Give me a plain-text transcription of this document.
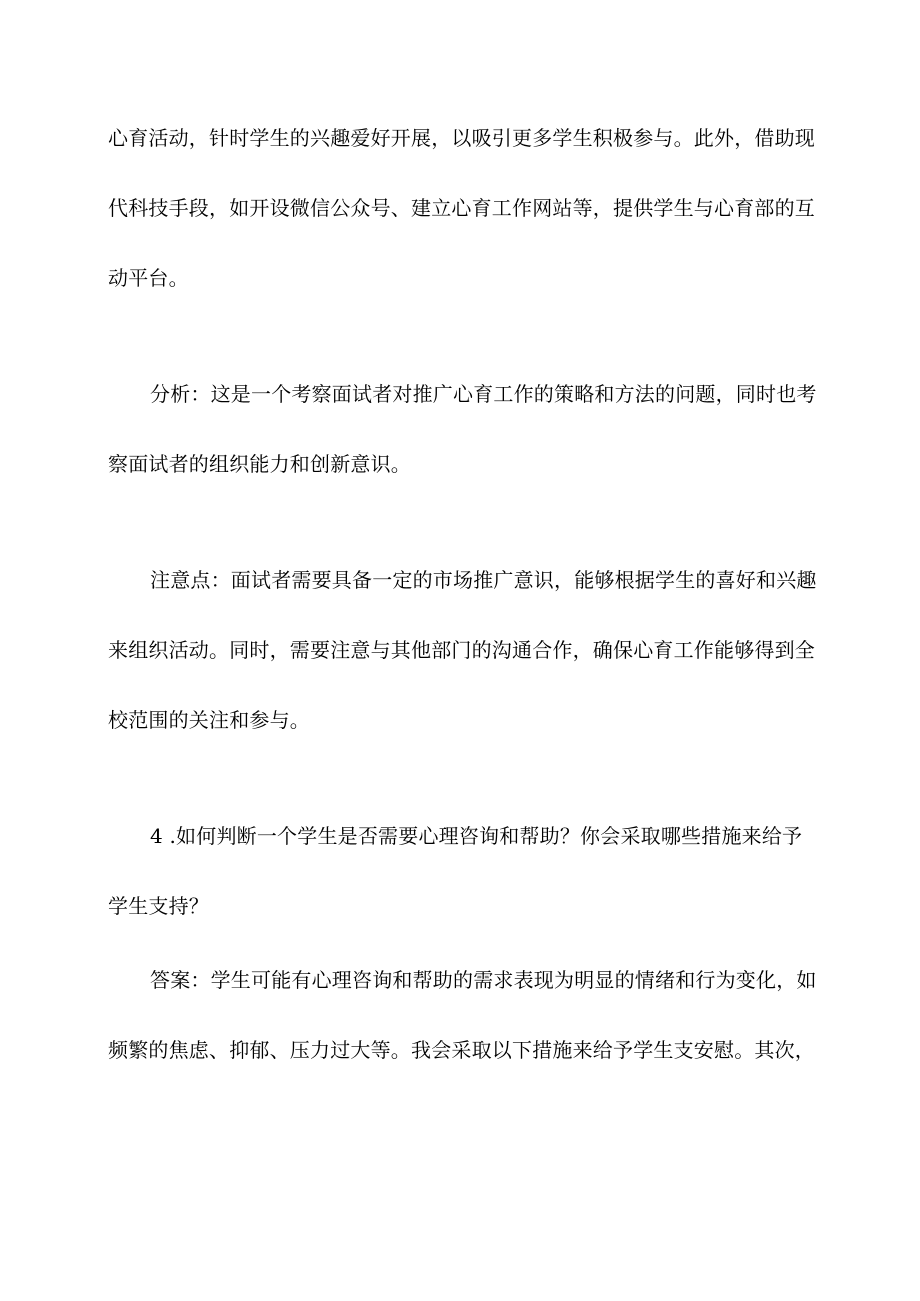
心育活动，针时学生的兴趣爱好开展，以吸引更多学生积极参与。此外，借助现
代科技手段，如开设微信公众号、建立心育工作网站等，提供学生与心育部的互
动平台。
分析：这是一个考察面试者对推广心育工作的策略和方法的问题，同时也考
察面试者的组织能力和创新意识。
注意点：面试者需要具备一定的市场推广意识，能够根据学生的喜好和兴趣
来组织活动。同时，需要注意与其他部门的沟通合作，确保心育工作能够得到全
校范围的关注和参与。
4 .如何判断一个学生是否需要心理咨询和帮助？你会采取哪些措施来给予
学生支持？
答案：学生可能有心理咨询和帮助的需求表现为明显的情绪和行为变化，如
频繁的焦虑、抑郁、压力过大等。我会采取以下措施来给予学生支安慰。其次，
